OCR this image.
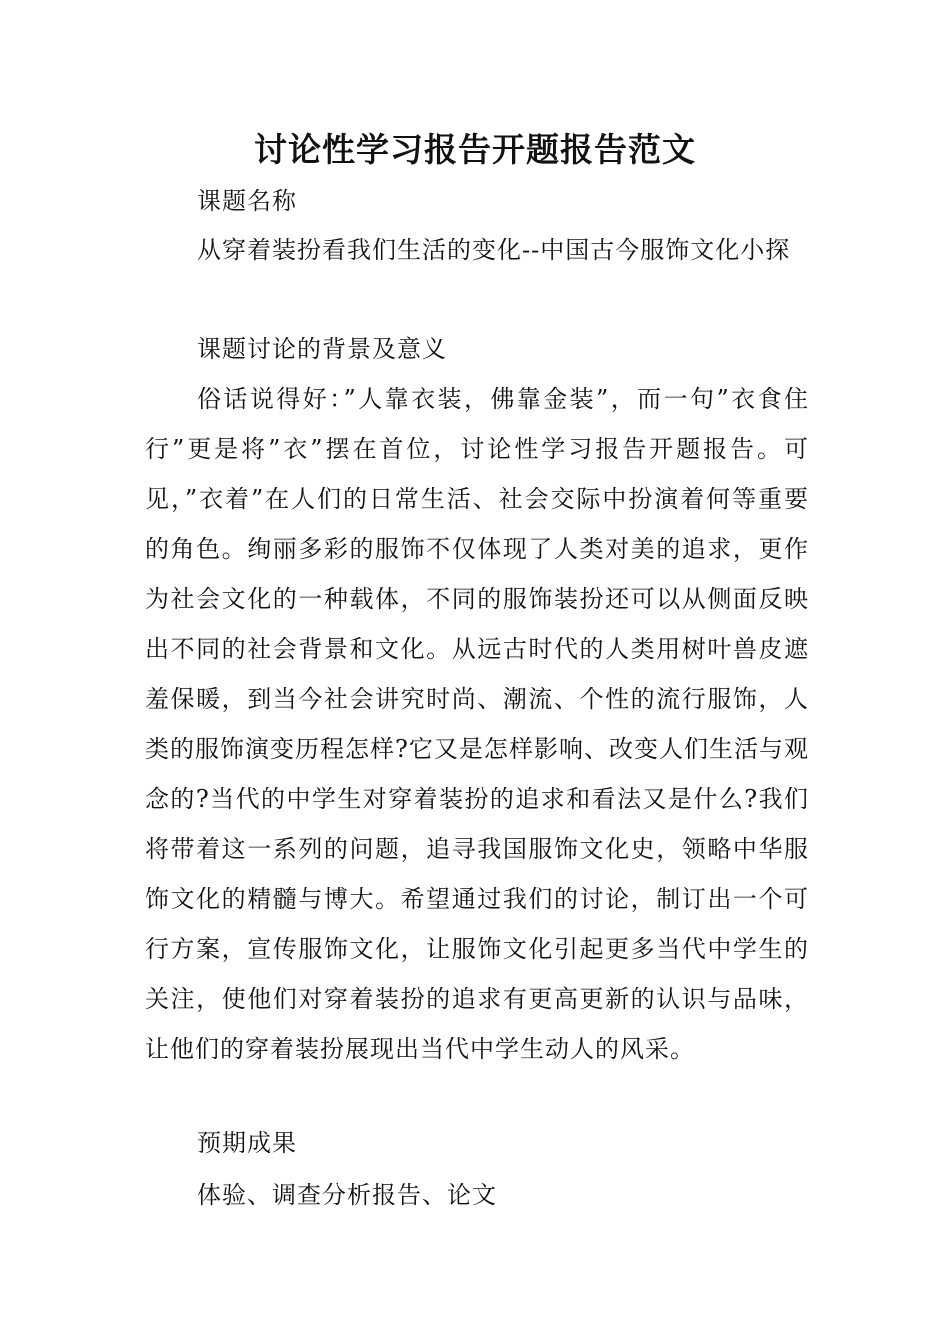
讨论性学习报告开题报告范文

课题名称

从穿着装扮看我们生活的变化--中国古今服饰文化小探

课题讨论的背景及意义

俗话说得好：”人靠衣装，佛靠金装”，而一句”衣食住行”更是将”衣”摆在首位，讨论性学习报告开题报告。可见，”衣着”在人们的日常生活、社会交际中扮演着何等重要的角色。绚丽多彩的服饰不仅体现了人类对美的追求，更作为社会文化的一种载体，不同的服饰装扮还可以从侧面反映出不同的社会背景和文化。从远古时代的人类用树叶兽皮遮羞保暖，到当今社会讲究时尚、潮流、个性的流行服饰，人类的服饰演变历程怎样?它又是怎样影响、改变人们生活与观念的?当代的中学生对穿着装扮的追求和看法又是什么?我们将带着这一系列的问题，追寻我国服饰文化史，领略中华服饰文化的精髓与博大。希望通过我们的讨论，制订出一个可行方案，宣传服饰文化，让服饰文化引起更多当代中学生的关注，使他们对穿着装扮的追求有更高更新的认识与品味，让他们的穿着装扮展现出当代中学生动人的风采。

预期成果

体验、调查分析报告、论文
